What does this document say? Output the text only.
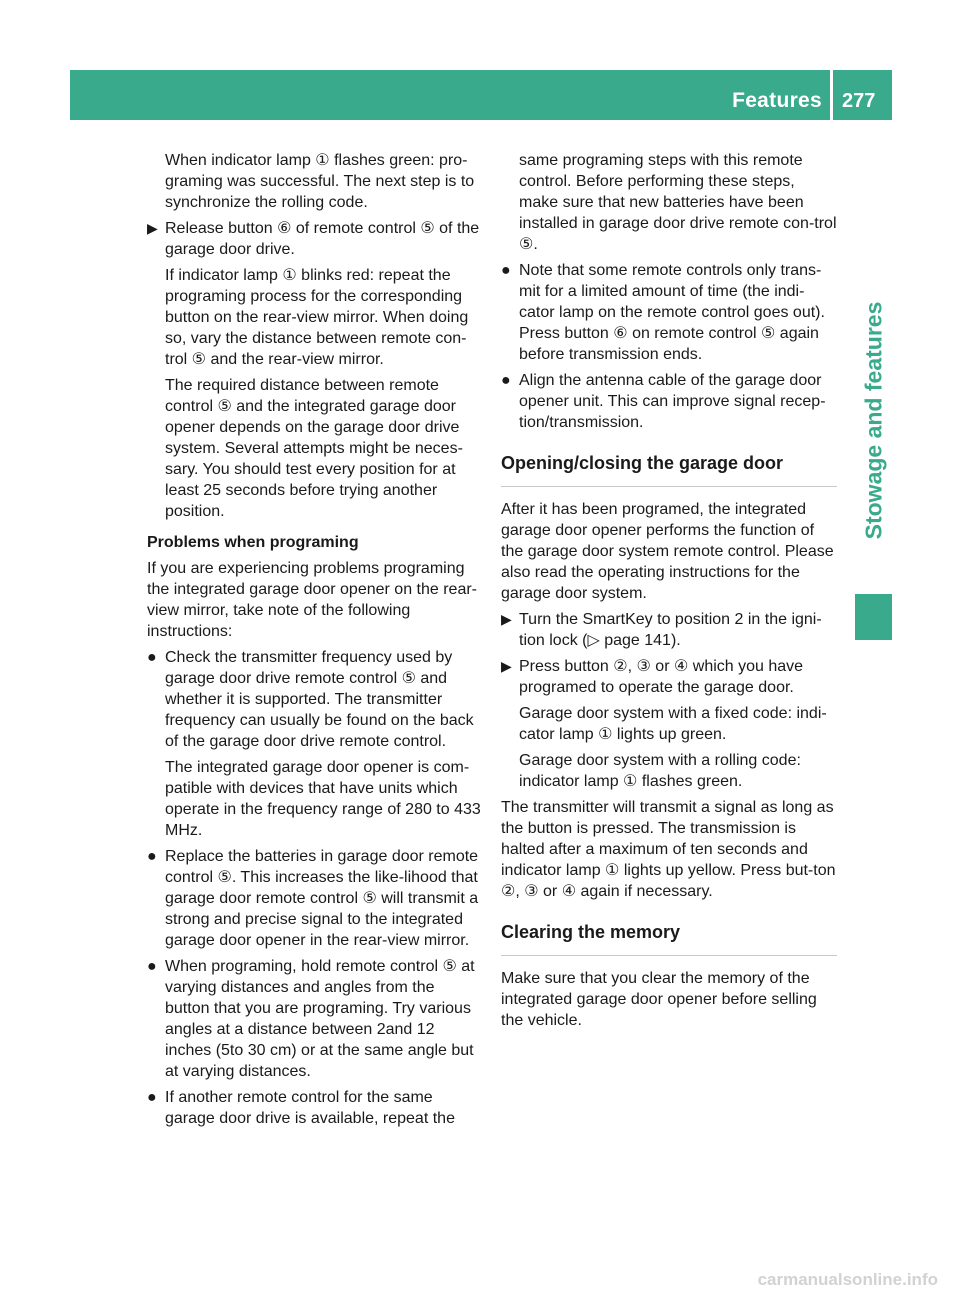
Features	277
Stowage and features

When indicator lamp ① flashes green: pro-graming was successful. The next step is to synchronize the rolling code.

▶ Release button ⑥ of remote control ⑤ of the garage door drive.

If indicator lamp ① blinks red: repeat the programing process for the corresponding button on the rear-view mirror. When doing so, vary the distance between remote con-trol ⑤ and the rear-view mirror.

The required distance between remote control ⑤ and the integrated garage door opener depends on the garage door drive system. Several attempts might be neces-sary. You should test every position for at least 25 seconds before trying another position.

Problems when programing

If you are experiencing problems programing the integrated garage door opener on the rear-view mirror, take note of the following instructions:

● Check the transmitter frequency used by garage door drive remote control ⑤ and whether it is supported. The transmitter frequency can usually be found on the back of the garage door drive remote control.

The integrated garage door opener is com-patible with devices that have units which operate in the frequency range of 280 to 433 MHz.

● Replace the batteries in garage door remote control ⑤. This increases the like-lihood that garage door remote control ⑤ will transmit a strong and precise signal to the integrated garage door opener in the rear-view mirror.
● When programing, hold remote control ⑤ at varying distances and angles from the button that you are programing. Try various angles at a distance between 2and 12 inches (5to 30 cm) or at the same angle but at varying distances.
● If another remote control for the same garage door drive is available, repeat the

same programing steps with this remote control. Before performing these steps, make sure that new batteries have been installed in garage door drive remote con-trol ⑤.

● Note that some remote controls only trans-mit for a limited amount of time (the indi-cator lamp on the remote control goes out). Press button ⑥ on remote control ⑤ again before transmission ends.
● Align the antenna cable of the garage door opener unit. This can improve signal recep-tion/transmission.
Opening/closing the garage door

After it has been programed, the integrated garage door opener performs the function of the garage door system remote control. Please also read the operating instructions for the garage door system.

▶ Turn the SmartKey to position 2 in the igni-tion lock (▷ page 141).
▶ Press button ②, ③ or ④ which you have programed to operate the garage door.

Garage door system with a fixed code: indi-cator lamp ① lights up green.

Garage door system with a rolling code: indicator lamp ① flashes green.

The transmitter will transmit a signal as long as the button is pressed. The transmission is halted after a maximum of ten seconds and indicator lamp ① lights up yellow. Press but-ton ②, ③ or ④ again if necessary.

Clearing the memory

Make sure that you clear the memory of the integrated garage door opener before selling the vehicle.

carmanualsonline.info
